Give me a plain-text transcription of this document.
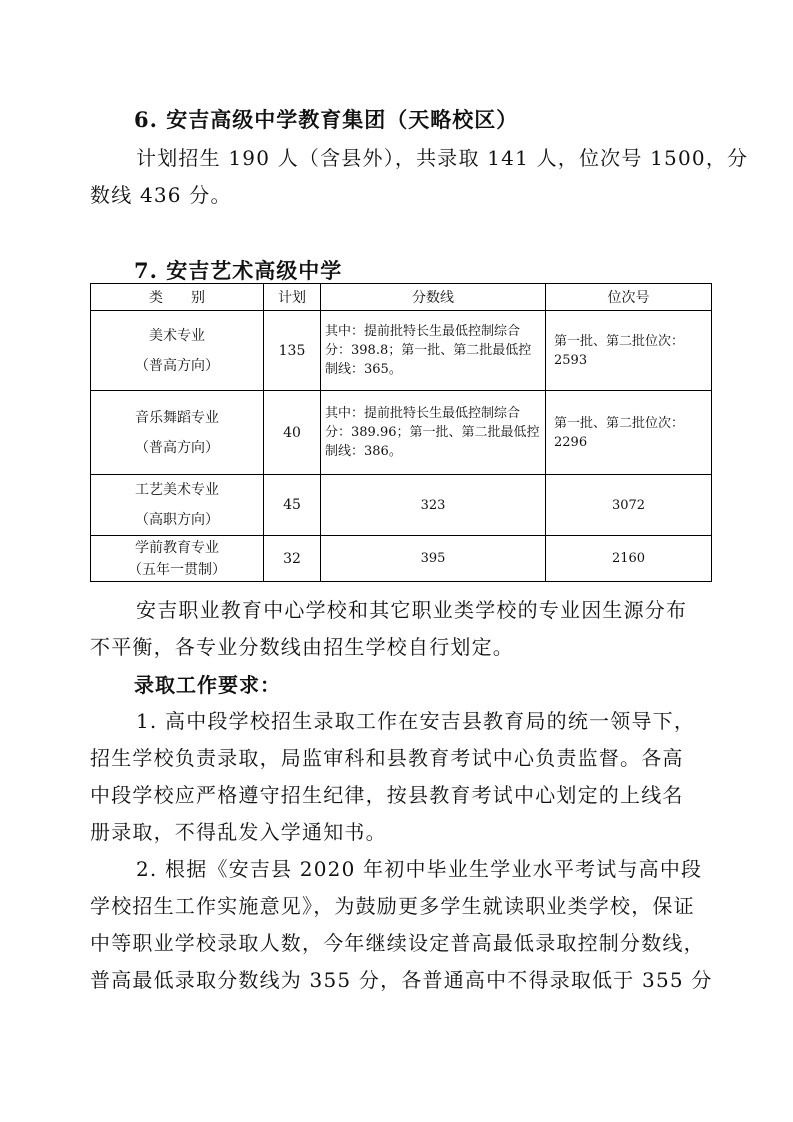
6. 安吉高级中学教育集团（天略校区）
计划招生 190 人（含县外），共录取 141 人，位次号 1500，分
数线 436 分。
7. 安吉艺术高级中学
类　　别	计划	分数线	位次号

美术专业
（普高方向）	135	其中：提前批特长生最低控制综合分：398.8；第一批、第二批最低控制线：365。	第一批、第二批位次：2593

音乐舞蹈专业
（普高方向）	40	其中：提前批特长生最低控制综合分：389.96；第一批、第二批最低控制线：386。	第一批、第二批位次：2296

工艺美术专业
（高职方向）	45	323	3072

学前教育专业
（五年一贯制）	32	395	2160
安吉职业教育中心学校和其它职业类学校的专业因生源分布
不平衡，各专业分数线由招生学校自行划定。
录取工作要求：
1. 高中段学校招生录取工作在安吉县教育局的统一领导下，
招生学校负责录取，局监审科和县教育考试中心负责监督。各高
中段学校应严格遵守招生纪律，按县教育考试中心划定的上线名
册录取，不得乱发入学通知书。
2. 根据《安吉县 2020 年初中毕业生学业水平考试与高中段
学校招生工作实施意见》，为鼓励更多学生就读职业类学校，保证
中等职业学校录取人数，今年继续设定普高最低录取控制分数线，
普高最低录取分数线为 355 分，各普通高中不得录取低于 355 分
